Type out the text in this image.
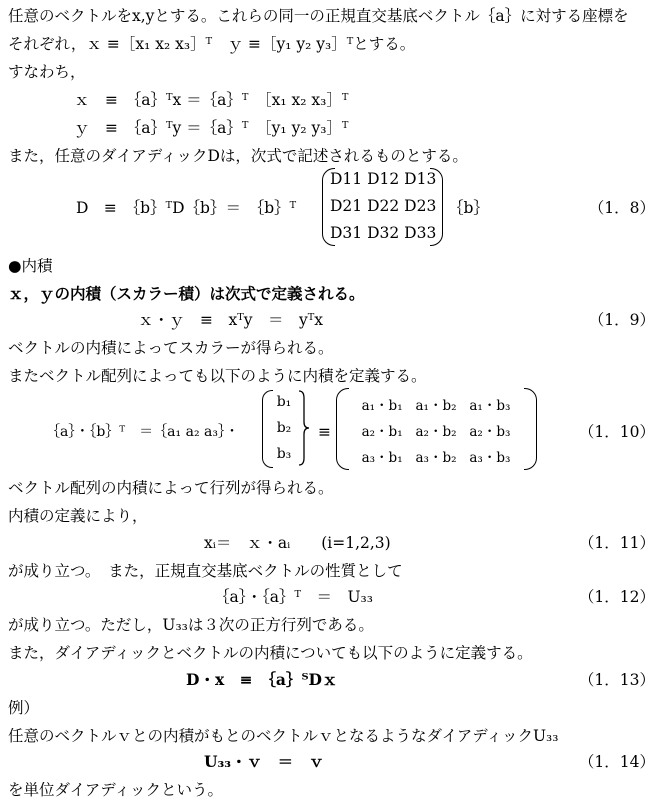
任意のベクトルをx,yとする。これらの同一の正規直交基底ベクトル｛a｝に対する座標を
それぞれ，ｘ ≡［x₁ x₂ x₃］ᵀ　ｙ ≡［y₁ y₂ y₃］ᵀとする。
すなわち，
ｘ　≡　｛a｝ᵀx ＝｛a｝ᵀ　［x₁ x₂ x₃］ᵀ
ｙ　≡　｛a｝ᵀy ＝｛a｝ᵀ　［y₁ y₂ y₃］ᵀ
また，任意のダイアディックDは，次式で記述されるものとする。
D　≡　｛b｝ᵀD｛b｝＝　｛b｝ᵀ
D11 D12 D13
D21 D22 D23
D31 D32 D33
｛b｝	（1．8）
●内積
ｘ，ｙの内積（スカラー積）は次式で定義される。
ｘ・ｙ　≡　xᵀy　＝　yᵀx	（1．9）
ベクトルの内積によってスカラーが得られる。
またベクトル配列によっても以下のように内積を定義する。
｛a｝・｛b｝ᵀ　＝｛a₁ a₂ a₃｝・
b₁
b₂
b₃
≡
a₁・b₁ a₁・b₂ a₁・b₃
a₂・b₁ a₂・b₂ a₂・b₃
a₃・b₁ a₃・b₂ a₃・b₃
（1．10）
ベクトル配列の内積によって行列が得られる。
内積の定義により，
xᵢ＝　ｘ・aᵢ　　(i=1,2,3)	（1．11）
が成り立つ。　また，正規直交基底ベクトルの性質として
｛a｝・｛a｝ᵀ　＝　U₃₃	（1．12）
が成り立つ。ただし，U₃₃は３次の正方行列である。
また，ダイアディックとベクトルの内積についても以下のように定義する。
D・x　≡　｛a｝ᵀDｘ	（1．13）
例）
任意のベクトルｖとの内積がもとのベクトルｖとなるようなダイアディックU₃₃
U₃₃・ｖ　＝　ｖ	（1．14）
を単位ダイアディックという。
